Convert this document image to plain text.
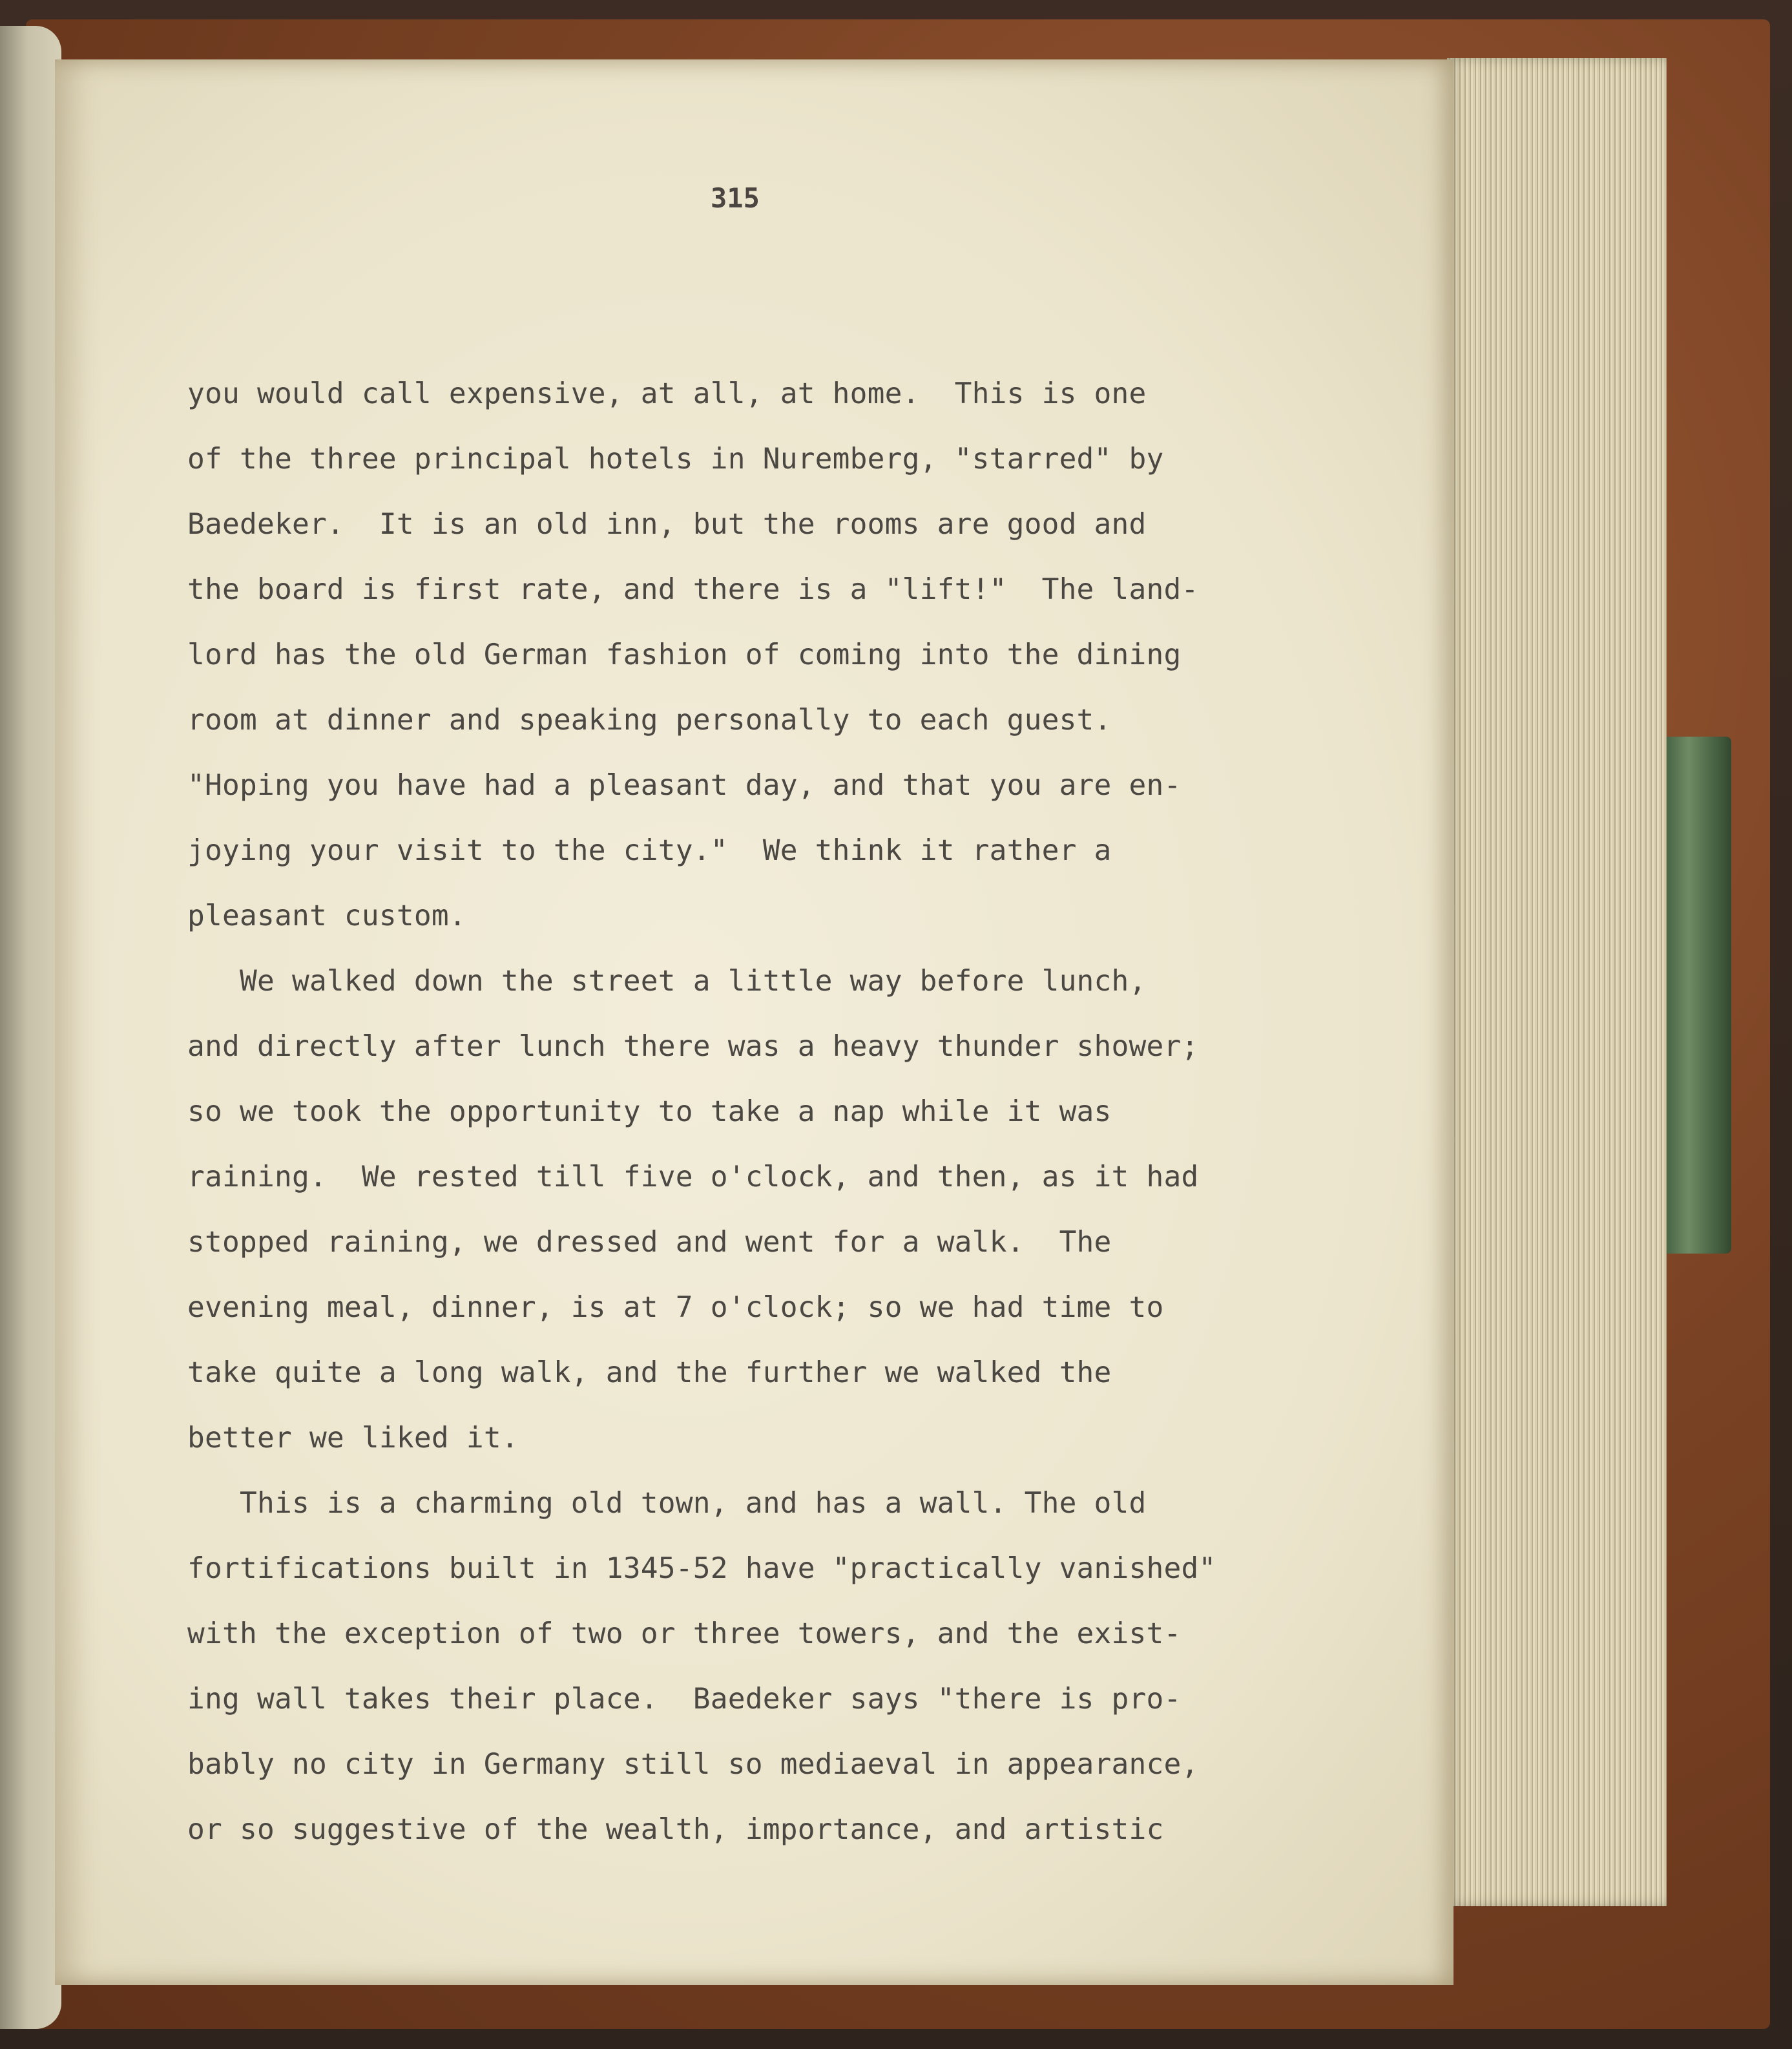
315
you would call expensive, at all, at home.  This is one
of the three principal hotels in Nuremberg, "starred" by
Baedeker.  It is an old inn, but the rooms are good and
the board is first rate, and there is a "lift!"  The land-
lord has the old German fashion of coming into the dining
room at dinner and speaking personally to each guest.
"Hoping you have had a pleasant day, and that you are en-
joying your visit to the city."  We think it rather a
pleasant custom.
We walked down the street a little way before lunch,
and directly after lunch there was a heavy thunder shower;
so we took the opportunity to take a nap while it was
raining.  We rested till five o'clock, and then, as it had
stopped raining, we dressed and went for a walk.  The
evening meal, dinner, is at 7 o'clock; so we had time to
take quite a long walk, and the further we walked the
better we liked it.
This is a charming old town, and has a wall. The old
fortifications built in 1345-52 have "practically vanished"
with the exception of two or three towers, and the exist-
ing wall takes their place.  Baedeker says "there is pro-
bably no city in Germany still so mediaeval in appearance,
or so suggestive of the wealth, importance, and artistic
